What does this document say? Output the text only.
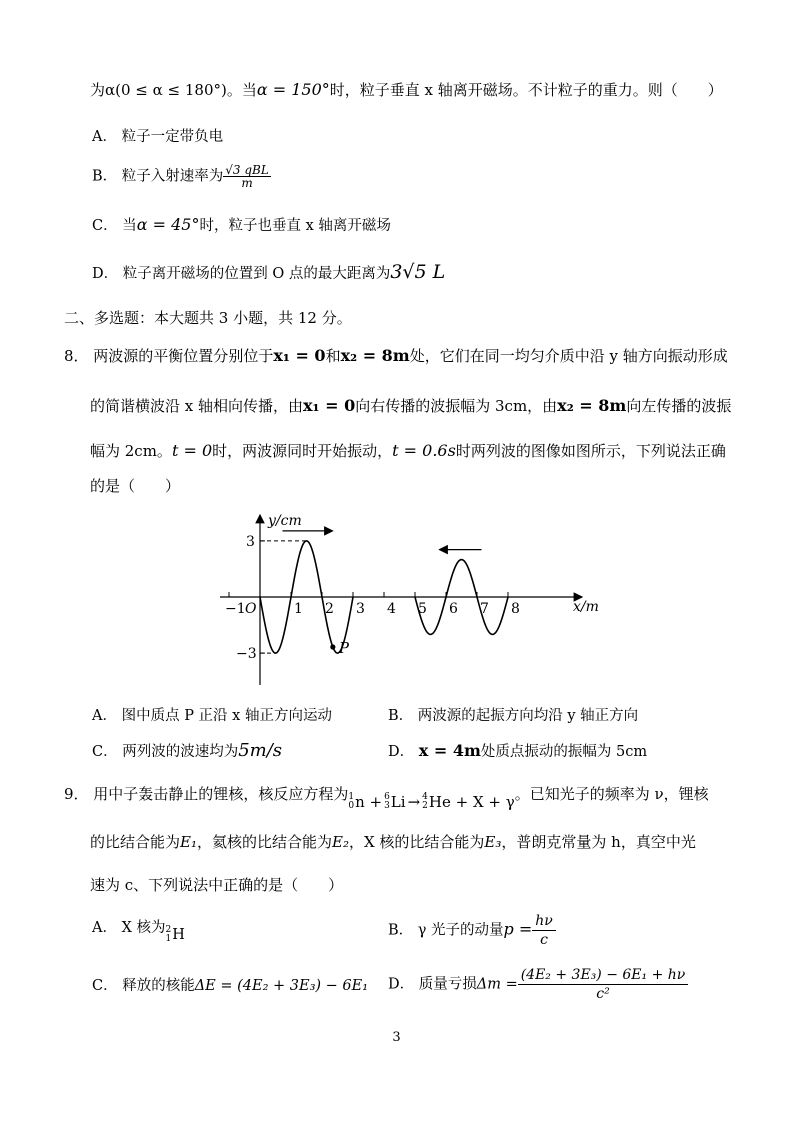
为α(0 ≤ α ≤ 180°)。当α = 150°时，粒子垂直 x 轴离开磁场。不计粒子的重力。则（　　）
A． 粒子一定带负电
B． 粒子入射速率为 $\frac{\text{√3 qBL}}{m}$
C． 当α = 45°时，粒子也垂直 x 轴离开磁场
D． 粒子离开磁场的位置到 O 点的最大距离为3√5 L
二、多选题：本大题共 3 小题，共 12 分。
8． 两波源的平衡位置分别位于x₁ = 0和x₂ = 8m处，它们在同一均匀介质中沿 y 轴方向振动形成
的简谐横波沿 x 轴相向传播，由x₁ = 0向右传播的波振幅为 3cm，由x₂ = 8m向左传播的波振
幅为 2cm。t = 0时，两波源同时开始振动，t = 0.6s时两列波的图像如图所示，下列说法正确
的是（　　）
y/cm
x/m
−1 O	1 2 3 4 5 6 7 8
3
−3	P
A． 图中质点 P 正沿 x 轴正方向运动	B． 两波源的起振方向均沿 y 轴正方向
C． 两列波的波速均为5m/s	D． x = 4m处质点振动的振幅为 5cm
9． 用中子轰击静止的锂核，核反应方程为 1
0 n + 6
3 Li → 4
2 He + X + γ。已知光子的频率为 ν，锂核
的比结合能为E₁，氦核的比结合能为E₂，X 核的比结合能为E₃，普朗克常量为 h，真空中光
速为 c、下列说法中正确的是（　　）
A． X 核为 2
1 H	B． γ 光子的动量$p = \frac{h\nu}{c}$
C． 释放的核能ΔE = (4E₂ + 3E₃) − 6E₁ D． 质量亏损$\Delta m = \frac{\text{(4E₂ + 3E₃) − 6E₁ + hν}}{\text{c²}}$
3
